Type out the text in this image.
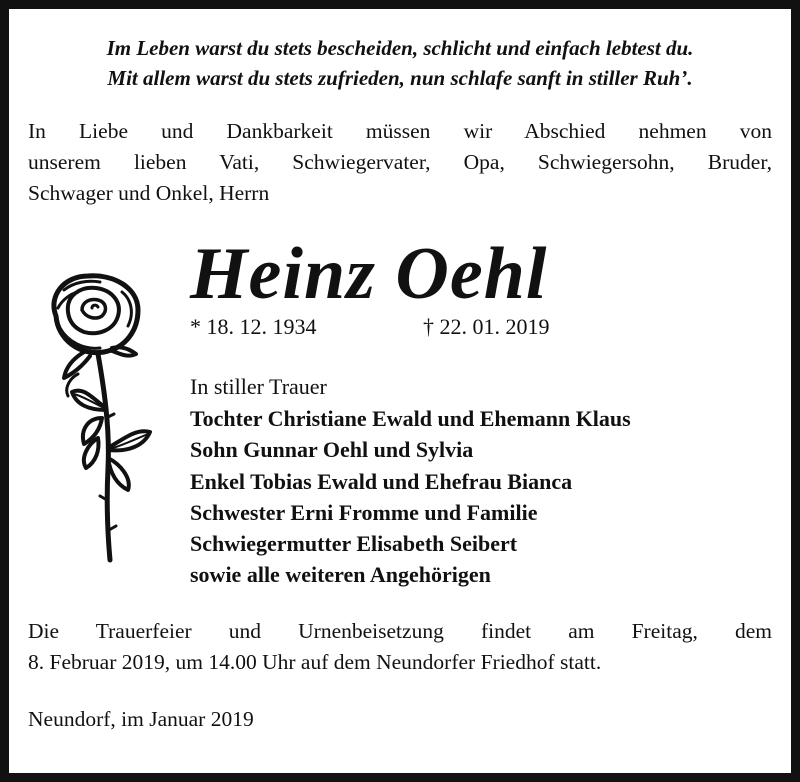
Im Leben warst du stets bescheiden, schlicht und einfach lebtest du.
Mit allem warst du stets zufrieden, nun schlafe sanft in stiller Ruh’.
In Liebe und Dankbarkeit müssen wir Abschied nehmen von
unserem lieben Vati, Schwiegervater, Opa, Schwiegersohn, Bruder,
Schwager und Onkel, Herrn
Heinz Oehl
* 18. 12. 1934	† 22. 01. 2019
In stiller Trauer
Tochter Christiane Ewald und Ehemann Klaus
Sohn Gunnar Oehl und Sylvia
Enkel Tobias Ewald und Ehefrau Bianca
Schwester Erni Fromme und Familie
Schwiegermutter Elisabeth Seibert
sowie alle weiteren Angehörigen
Die Trauerfeier und Urnenbeisetzung findet am Freitag, dem
8. Februar 2019, um 14.00 Uhr auf dem Neundorfer Friedhof statt.
Neundorf, im Januar 2019
